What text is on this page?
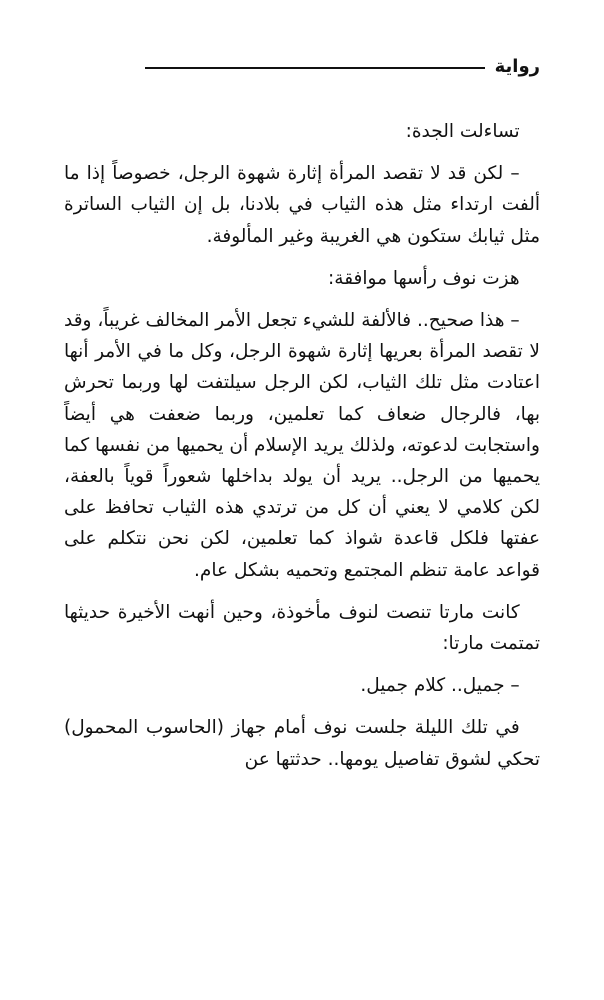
رواية

تساءلت الجدة:

– لكن قد لا تقصد المرأة إثارة شهوة الرجل، خصوصاً إذا ما ألفت ارتداء مثل هذه الثياب في بلادنا، بل إن الثياب الساترة مثل ثيابك ستكون هي الغريبة وغير المألوفة.

هزت نوف رأسها موافقة:

– هذا صحيح.. فالألفة للشيء تجعل الأمر المخالف غريباً، وقد لا تقصد المرأة بعريها إثارة شهوة الرجل، وكل ما في الأمر أنها اعتادت مثل تلك الثياب، لكن الرجل سيلتفت لها وربما تحرش بها، فالرجال ضعاف كما تعلمين، وربما ضعفت هي أيضاً واستجابت لدعوته، ولذلك يريد الإسلام أن يحميها من نفسها كما يحميها من الرجل.. يريد أن يولد بداخلها شعوراً قوياً بالعفة، لكن كلامي لا يعني أن كل من ترتدي هذه الثياب تحافظ على عفتها فلكل قاعدة شواذ كما تعلمين، لكن نحن نتكلم على قواعد عامة تنظم المجتمع وتحميه بشكل عام.

كانت مارتا تنصت لنوف مأخوذة، وحين أنهت الأخيرة حديثها تمتمت مارتا:

– جميل.. كلام جميل.

في تلك الليلة جلست نوف أمام جهاز (الحاسوب المحمول) تحكي لشوق تفاصيل يومها.. حدثتها عن
